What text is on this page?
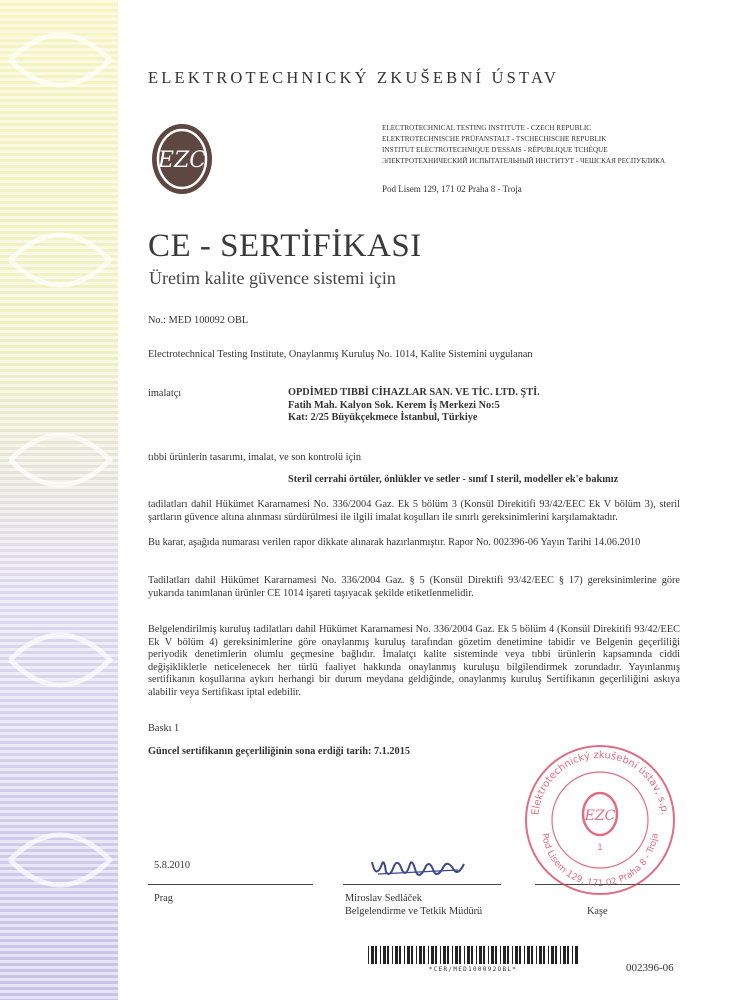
ELEKTROTECHNICKÝ ZKUŠEBNÍ ÚSTAV
EZC
ELECTROTECHNICAL TESTING INSTITUTE - CZECH REPUBLIC
ELEKTROTECHNISCHE PRÜFANSTALT - TSCHECHISCHE REPUBLIK
INSTITUT ELECTROTECHNIQUE D'ESSAIS - RÉPUBLIQUE TCHÈQUE
ЭЛЕКТРОТЕХНИЧЕСКИЙ ИСПЫТАТЕЛЬНЫЙ ИНСТИТУТ - ЧЕШСКАЯ РЕСПУБЛИКА
Pod Lisem 129, 171 02 Praha 8 - Troja
CE - SERTİFİKASI
Üretim kalite güvence sistemi için
No.: MED 100092 OBL
Electrotechnical Testing Institute, Onaylanmış Kuruluş No. 1014, Kalite Sistemini uygulanan
imalatçı	OPDİMED TIBBİ CİHAZLAR SAN. VE TİC. LTD. ŞTİ.
Fatih Mah. Kalyon Sok. Kerem İş Merkezi No:5
Kat: 2/25 Büyükçekmece İstanbul, Türkiye
tıbbi ürünlerin tasarımı, imalat, ve son kontrolü için
Steril cerrahi örtüler, önlükler ve setler - sınıf I steril, modeller ek'e bakınız
tadilatları dahil Hükümet Kararnamesi No. 336/2004 Gaz. Ek 5 bölüm 3 (Konsül Direkitifi 93/42/EEC Ek V bölüm 3), steril şartların güvence altına alınması sürdürülmesi ile ilgili imalat koşulları ile sınırlı gereksinimlerini karşılamaktadır.
Bu karar, aşağıda numarası verilen rapor dikkate alınarak hazırlanmıştır. Rapor No. 002396-06 Yayın Tarihi 14.06.2010
Tadilatları dahil Hükümet Kararnamesi No. 336/2004 Gaz. § 5 (Konsül Direktifi 93/42/EEC § 17) gereksinimlerine göre yukarıda tanımlanan ürünler CE 1014 işareti taşıyacak şekilde etiketlenmelidir.
Belgelendirilmiş kuruluş tadilatları dahil Hükümet Kararnamesi No. 336/2004 Gaz. Ek 5 bölüm 4 (Konsül Direkitifi 93/42/EEC Ek V bölüm 4) gereksinimlerine göre onaylanmış kuruluş tarafından gözetim denetimine tabidir ve Belgenin geçerliliği periyodik denetimlerin olumlu geçmesine bağlıdır. İmalatçı kalite sisteminde veya tıbbi ürünlerin kapsamında ciddi değişikliklerle neticelenecek her türlü faaliyet hakkında onaylanmış kuruluşu bilgilendirmek zorundadır. Yayınlanmış sertifikanın koşullarına aykırı herhangi bir durum meydana geldiğinde, onaylanmış kuruluş Sertifikanın geçerliliğini askıya alabilir veya Sertifikası iptal edebilir.
Baskı 1
Güncel sertifikanın geçerliliğinin sona erdiği tarih: 7.1.2015
5.8.2010
Prag	Miroslav Sedláček
Belgelendirme ve Tetkik Müdürü	Kaşe
Elektrotechnický zkušební ústav, s.p.
Pod Lisem 129, 171 02 Praha 8 - Troja
EZC
1
*CER/MED100092OBL*	002396-06
